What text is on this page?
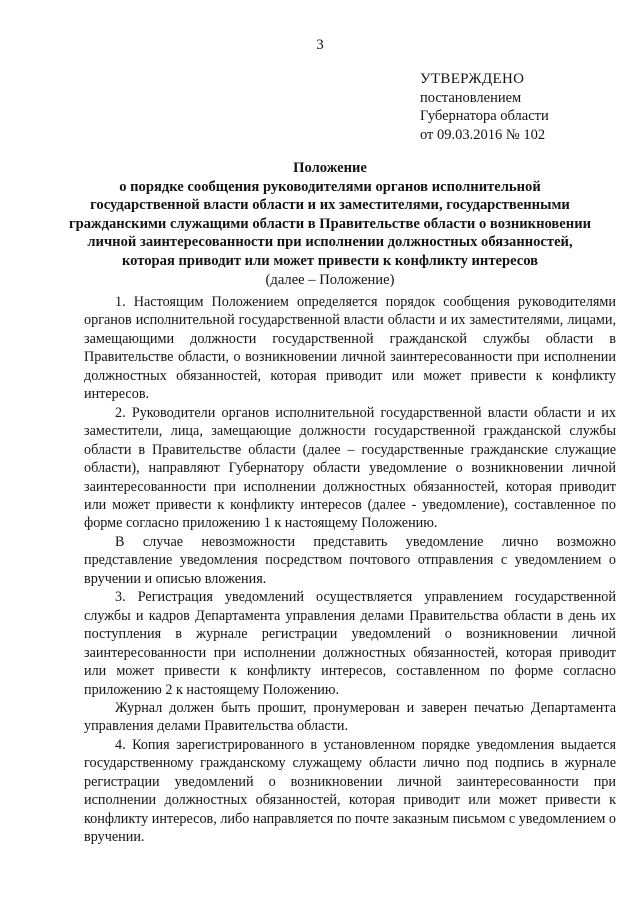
3
УТВЕРЖДЕНО
постановлением
Губернатора области
от 09.03.2016 № 102
Положение
о порядке сообщения руководителями органов исполнительной
государственной власти области и их заместителями, государственными
гражданскими служащими области в Правительстве области о возникновении
личной заинтересованности при исполнении должностных обязанностей,
которая приводит или может привести к конфликту интересов
(далее – Положение)

1. Настоящим Положением определяется порядок сообщения руководителями органов исполнительной государственной власти области и их заместителями, лицами, замещающими должности государственной гражданской службы области в Правительстве области, о возникновении личной заинтересованности при исполнении должностных обязанностей, которая приводит или может привести к конфликту интересов.

2. Руководители органов исполнительной государственной власти области и их заместители, лица, замещающие должности государственной гражданской службы области в Правительстве области (далее – государственные гражданские служащие области), направляют Губернатору области уведомление о возникновении личной заинтересованности при исполнении должностных обязанностей, которая приводит или может привести к конфликту интересов (далее - уведомление), составленное по форме согласно приложению 1 к настоящему Положению.

В случае невозможности представить уведомление лично возможно представление уведомления посредством почтового отправления с уведомлением о вручении и описью вложения.

3. Регистрация уведомлений осуществляется управлением государственной службы и кадров Департамента управления делами Правительства области в день их поступления в журнале регистрации уведомлений о возникновении личной заинтересованности при исполнении должностных обязанностей, которая приводит или может привести к конфликту интересов, составленном по форме согласно приложению 2 к настоящему Положению.

Журнал должен быть прошит, пронумерован и заверен печатью Департамента управления делами Правительства области.

4. Копия зарегистрированного в установленном порядке уведомления выдается государственному гражданскому служащему области лично под подпись в журнале регистрации уведомлений о возникновении личной заинтересованности при исполнении должностных обязанностей, которая приводит или может привести к конфликту интересов, либо направляется по почте заказным письмом с уведомлением о вручении.
